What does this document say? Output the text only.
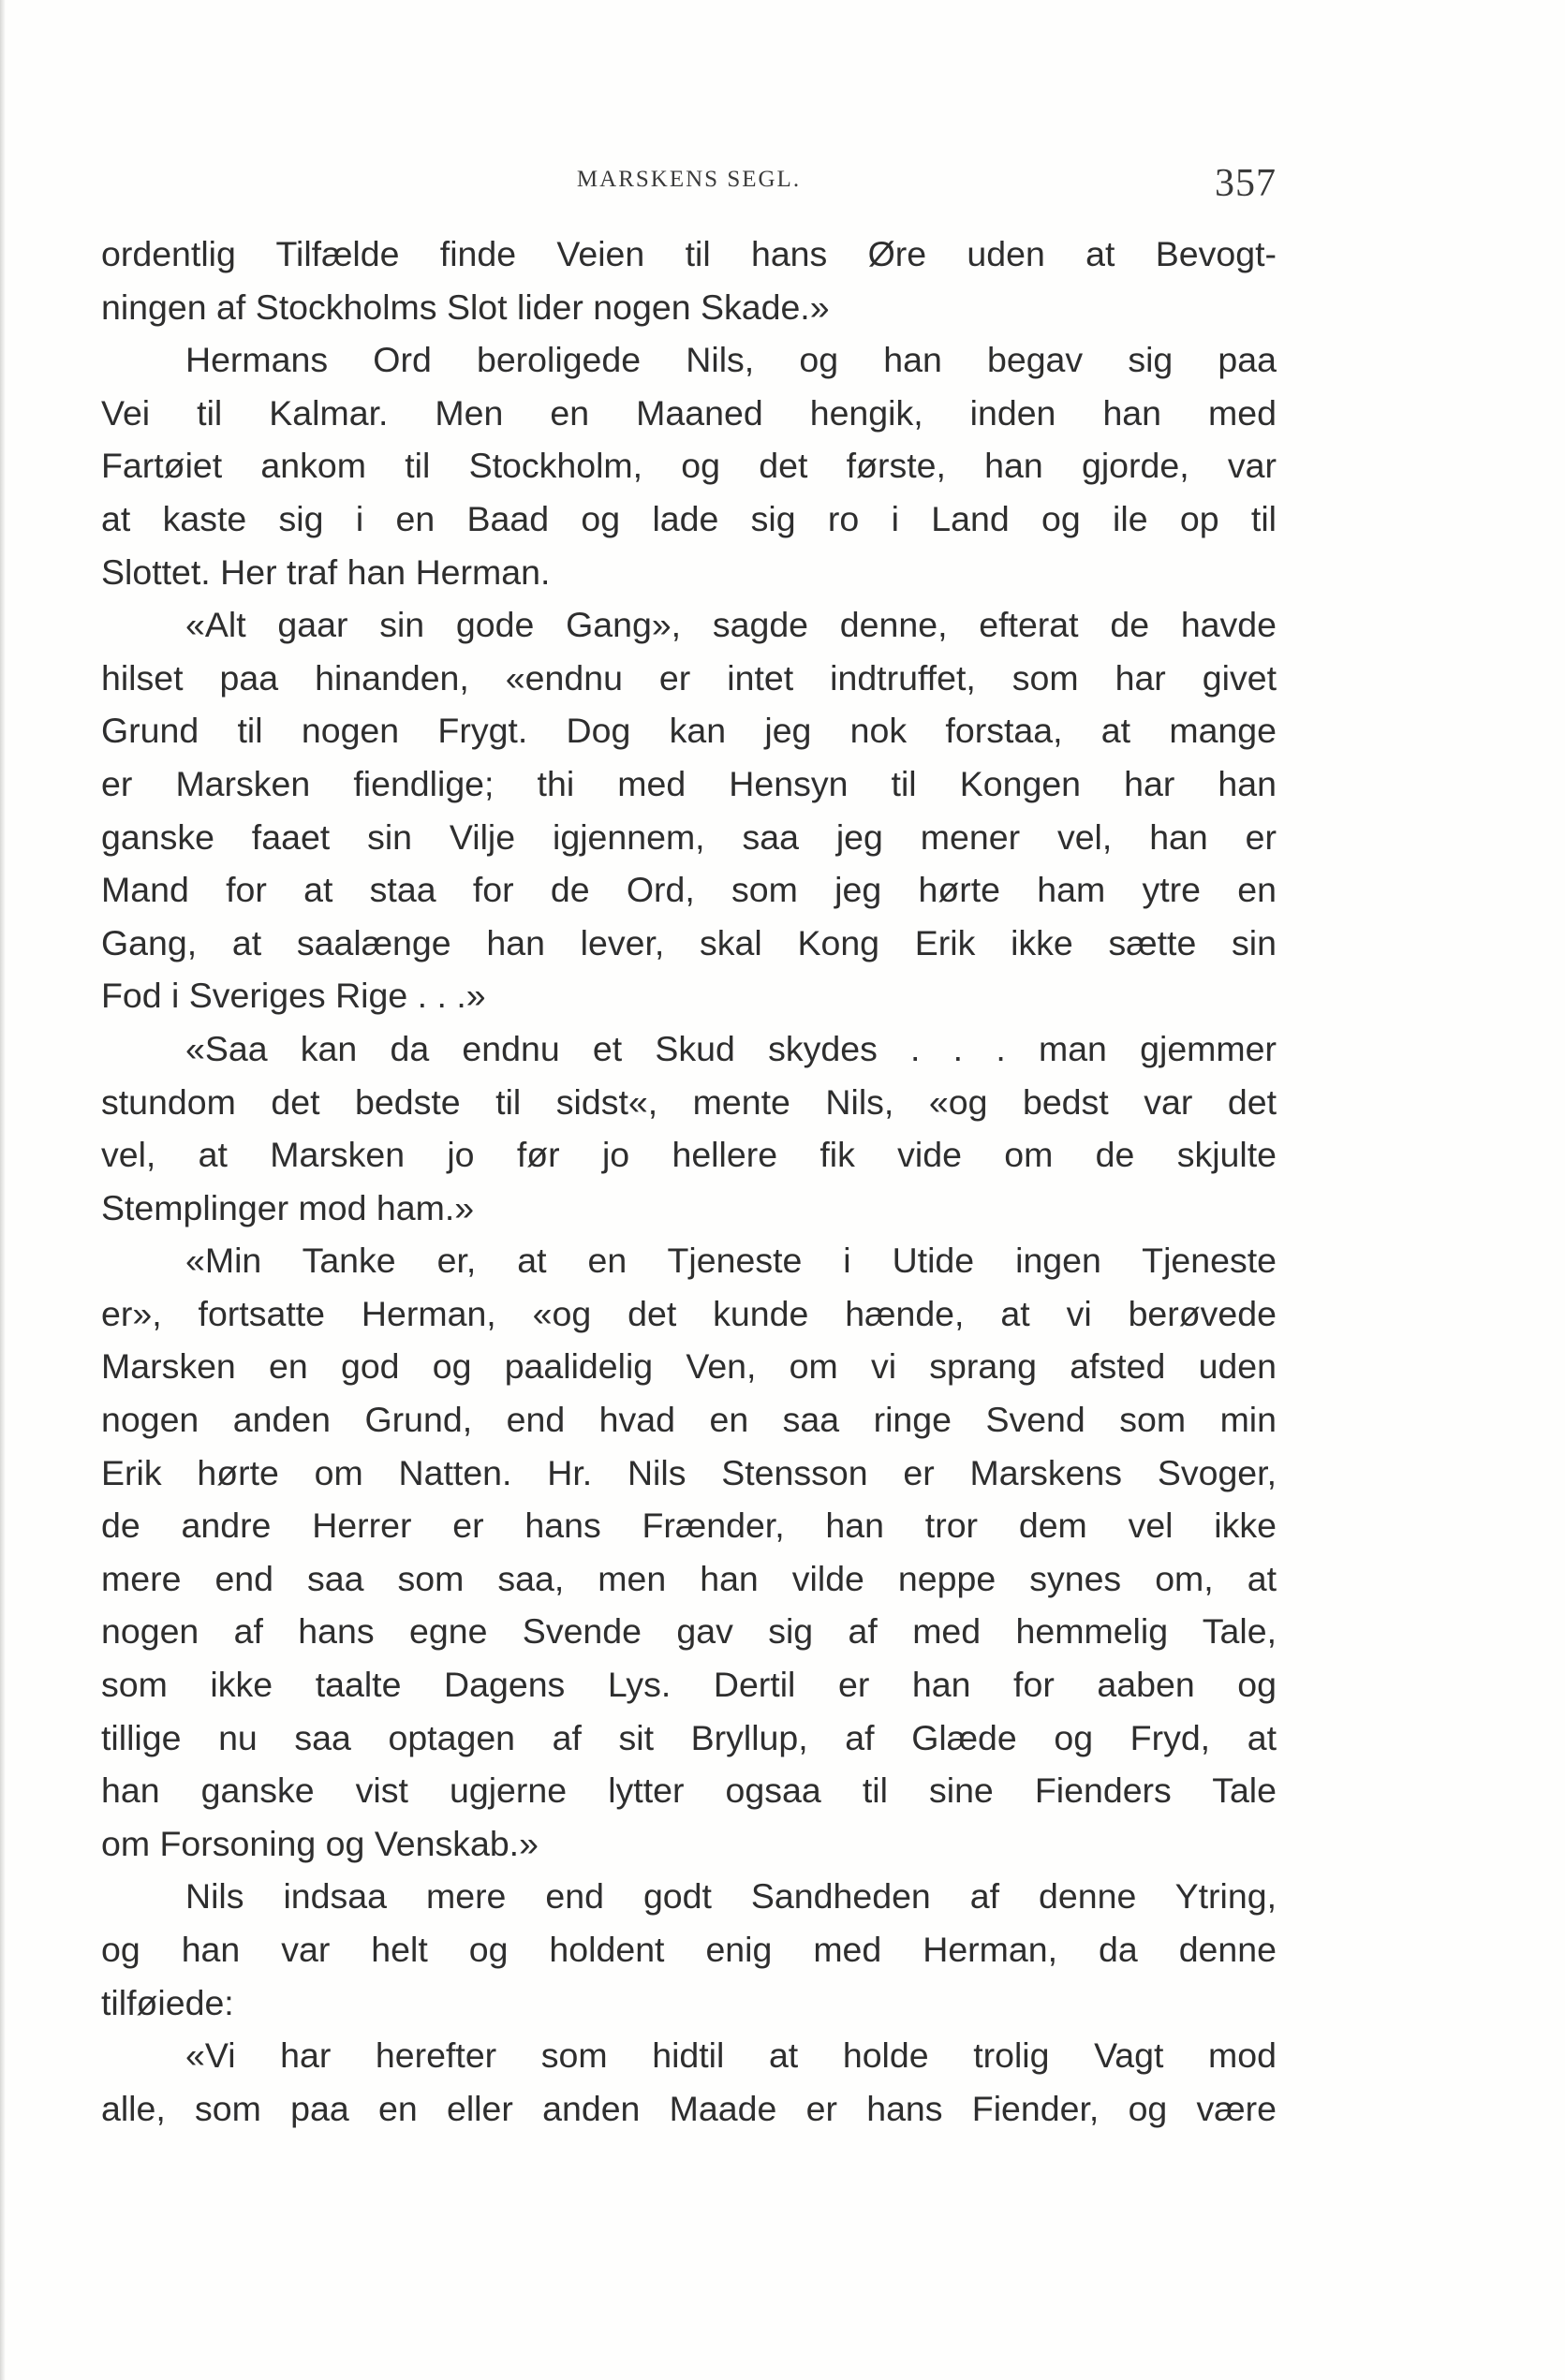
MARSKENS SEGL.	357
ordentlig Tilfælde finde Veien til hans Øre uden at Bevogt-
ningen af Stockholms Slot lider nogen Skade.»
Hermans Ord beroligede Nils, og han begav sig paa
Vei til Kalmar. Men en Maaned hengik, inden han med
Fartøiet ankom til Stockholm, og det første, han gjorde, var
at kaste sig i en Baad og lade sig ro i Land og ile op til
Slottet. Her traf han Herman.
«Alt gaar sin gode Gang», sagde denne, efterat de havde
hilset paa hinanden, «endnu er intet indtruffet, som har givet
Grund til nogen Frygt. Dog kan jeg nok forstaa, at mange
er Marsken fiendlige; thi med Hensyn til Kongen har han
ganske faaet sin Vilje igjennem, saa jeg mener vel, han er
Mand for at staa for de Ord, som jeg hørte ham ytre en
Gang, at saalænge han lever, skal Kong Erik ikke sætte sin
Fod i Sveriges Rige . . .»
«Saa kan da endnu et Skud skydes . . . man gjemmer
stundom det bedste til sidst«, mente Nils, «og bedst var det
vel, at Marsken jo før jo hellere fik vide om de skjulte
Stemplinger mod ham.»
«Min Tanke er, at en Tjeneste i Utide ingen Tjeneste
er», fortsatte Herman, «og det kunde hænde, at vi berøvede
Marsken en god og paalidelig Ven, om vi sprang afsted uden
nogen anden Grund, end hvad en saa ringe Svend som min
Erik hørte om Natten. Hr. Nils Stensson er Marskens Svoger,
de andre Herrer er hans Frænder, han tror dem vel ikke
mere end saa som saa, men han vilde neppe synes om, at
nogen af hans egne Svende gav sig af med hemmelig Tale,
som ikke taalte Dagens Lys. Dertil er han for aaben og
tillige nu saa optagen af sit Bryllup, af Glæde og Fryd, at
han ganske vist ugjerne lytter ogsaa til sine Fienders Tale
om Forsoning og Venskab.»
Nils indsaa mere end godt Sandheden af denne Ytring,
og han var helt og holdent enig med Herman, da denne
tilføiede:
«Vi har herefter som hidtil at holde trolig Vagt mod
alle, som paa en eller anden Maade er hans Fiender, og være
